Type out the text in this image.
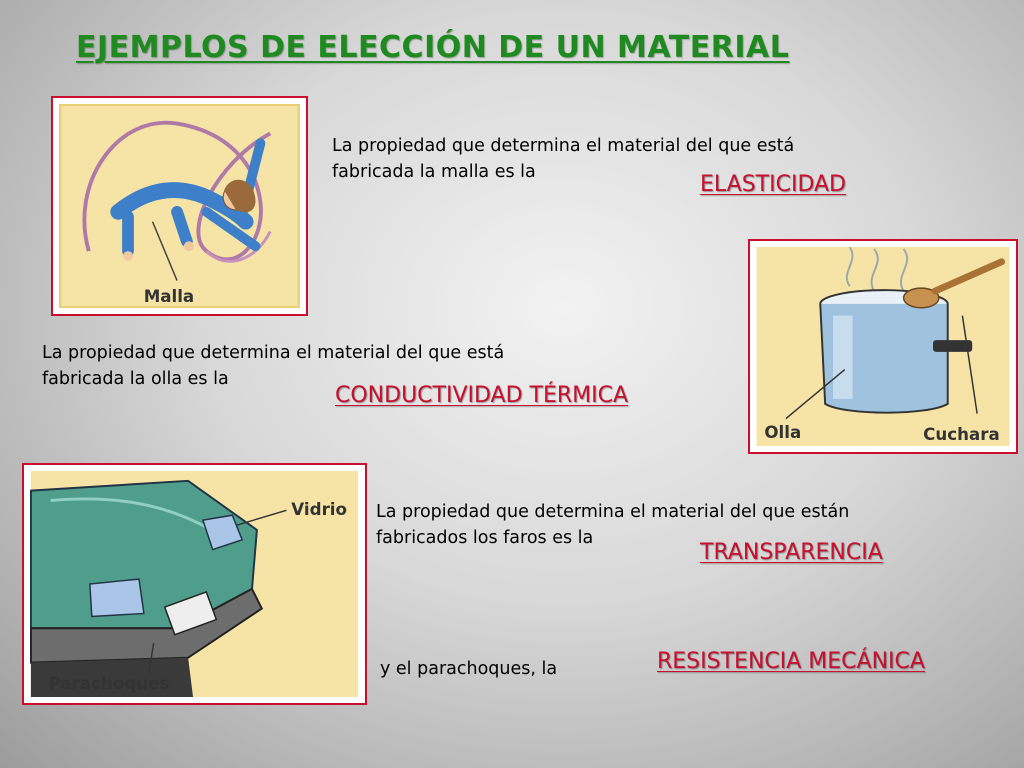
EJEMPLOS DE ELECCIÓN DE UN MATERIAL
Malla
La propiedad que determina el material del que está
fabricada la malla es la	ELASTICIDAD
La propiedad que determina el material del que está
fabricada la olla es la
CONDUCTIVIDAD TÉRMICA
Olla	Cuchara
Vidrio
Parachoques
La propiedad que determina el material del que están
fabricados los faros es la
TRANSPARENCIA
y el parachoques, la	RESISTENCIA MECÁNICA
